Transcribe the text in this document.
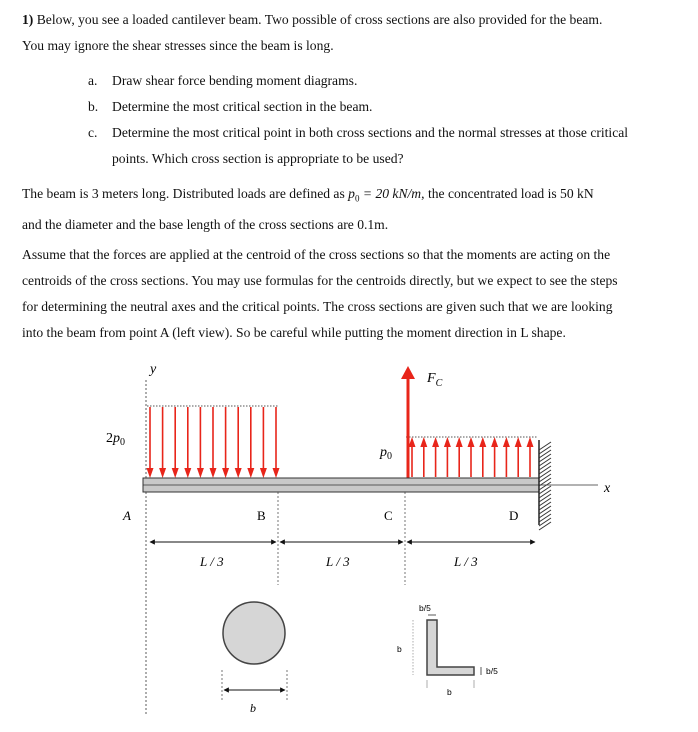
1) Below, you see a loaded cantilever beam. Two possible of cross sections are also provided for the beam.
You may ignore the shear stresses since the beam is long.
a. Draw shear force bending moment diagrams.
b. Determine the most critical section in the beam.
c. Determine the most critical point in both cross sections and the normal stresses at those critical
points. Which cross section is appropriate to be used?
The beam is 3 meters long. Distributed loads are defined as $p_0 = 20$ kN/m, the concentrated load is 50 kN
and the diameter and the base length of the cross sections are 0.1m.
Assume that the forces are applied at the centroid of the cross sections so that the moments are acting on the
centroids of the cross sections. You may use formulas for the centroids directly, but we expect to see the steps
for determining the neutral axes and the critical points. The cross sections are given such that we are looking
into the beam from point A (left view). So be careful while putting the moment direction in L shape.
y
$2p_0$
$p_0$
$F_C$
x
A	B	C	D
L / 3	L / 3	L / 3
b
b/5
b
b
b/5
